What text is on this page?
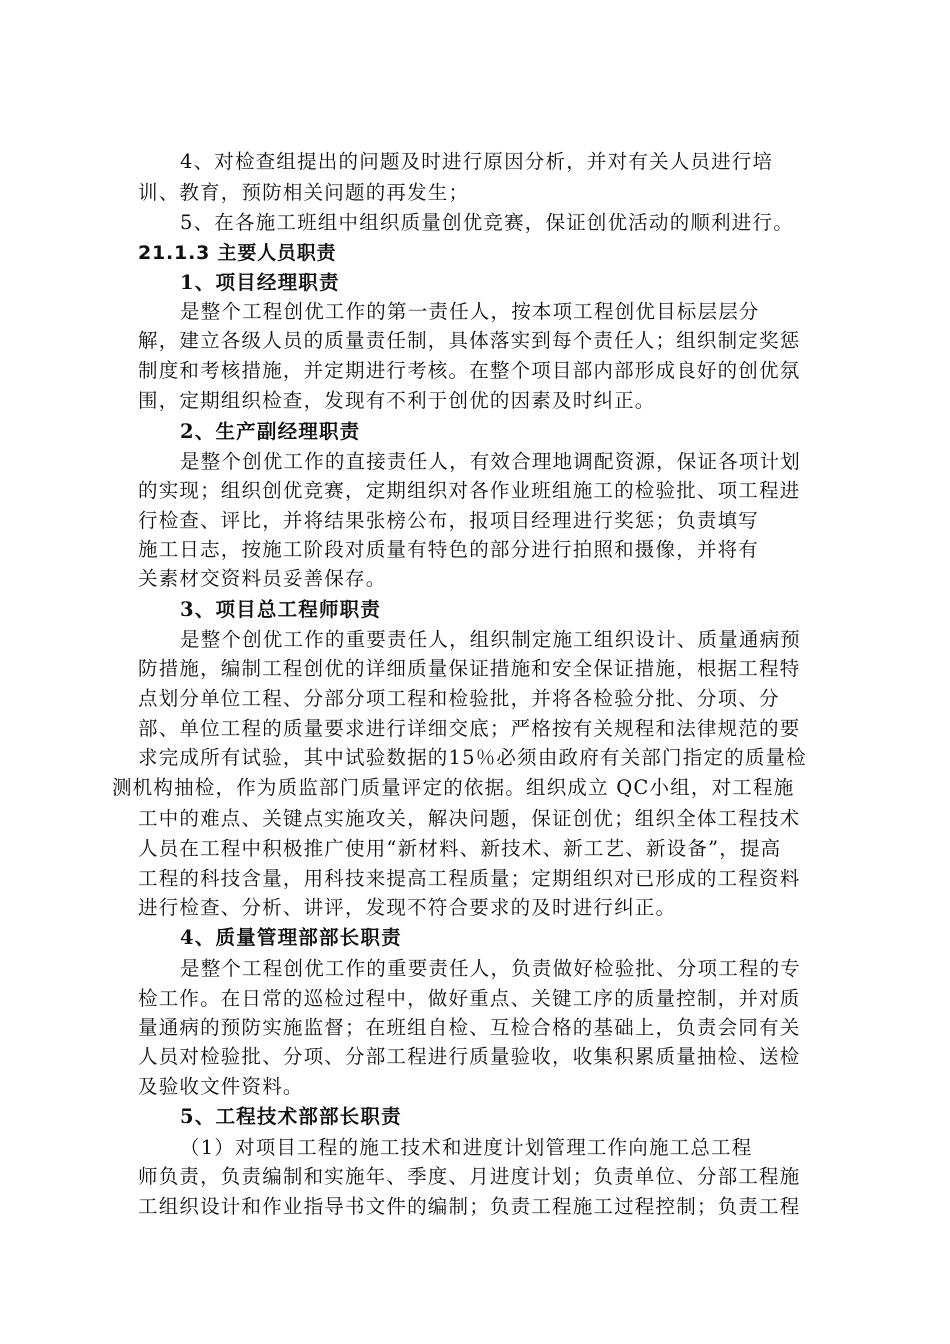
4、对检查组提出的问题及时进行原因分析，并对有关人员进行培
训、教育，预防相关问题的再发生；
5、在各施工班组中组织质量创优竞赛，保证创优活动的顺利进行。
21.1.3 主要人员职责
1、项目经理职责
是整个工程创优工作的第一责任人，按本项工程创优目标层层分
解，建立各级人员的质量责任制，具体落实到每个责任人；组织制定奖惩
制度和考核措施，并定期进行考核。在整个项目部内部形成良好的创优氛
围，定期组织检查，发现有不利于创优的因素及时纠正。
2、生产副经理职责
是整个创优工作的直接责任人，有效合理地调配资源，保证各项计划
的实现；组织创优竞赛，定期组织对各作业班组施工的检验批、项工程进
行检查、评比，并将结果张榜公布，报项目经理进行奖惩；负责填写
施工日志，按施工阶段对质量有特色的部分进行拍照和摄像，并将有
关素材交资料员妥善保存。
3、项目总工程师职责
是整个创优工作的重要责任人，组织制定施工组织设计、质量通病预
防措施，编制工程创优的详细质量保证措施和安全保证措施，根据工程特
点划分单位工程、分部分项工程和检验批，并将各检验分批、分项、分
部、单位工程的质量要求进行详细交底；严格按有关规程和法律规范的要
求完成所有试验，其中试验数据的15％必须由政府有关部门指定的质量检
测机构抽检，作为质监部门质量评定的依据。组织成立 QC小组，对工程施
工中的难点、关键点实施攻关，解决问题，保证创优；组织全体工程技术
人员在工程中积极推广使用“新材料、新技术、新工艺、新设备”，提高
工程的科技含量，用科技来提高工程质量；定期组织对已形成的工程资料
进行检查、分析、讲评，发现不符合要求的及时进行纠正。
4、质量管理部部长职责
是整个工程创优工作的重要责任人，负责做好检验批、分项工程的专
检工作。在日常的巡检过程中，做好重点、关键工序的质量控制，并对质
量通病的预防实施监督；在班组自检、互检合格的基础上，负责会同有关
人员对检验批、分项、分部工程进行质量验收，收集积累质量抽检、送检
及验收文件资料。
5、工程技术部部长职责
（1）对项目工程的施工技术和进度计划管理工作向施工总工程
师负责，负责编制和实施年、季度、月进度计划；负责单位、分部工程施
工组织设计和作业指导书文件的编制；负责工程施工过程控制；负责工程
